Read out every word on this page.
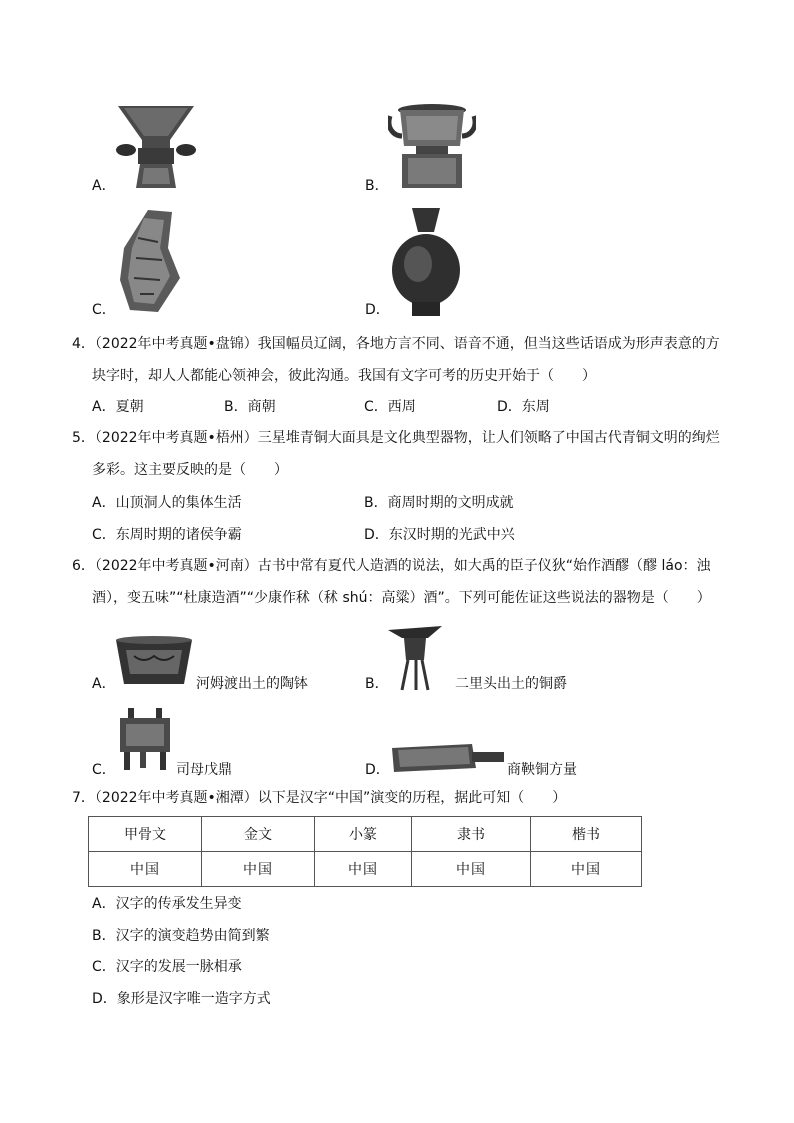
A．	B．
C．	D．
4．（2022年中考真题•盘锦）我国幅员辽阔，各地方言不同、语音不通，但当这些话语成为形声表意的方
块字时，却人人都能心领神会，彼此沟通。我国有文字可考的历史开始于（　　）
A．夏朝	B．商朝	C．西周	D．东周
5．（2022年中考真题•梧州）三星堆青铜大面具是文化典型器物，让人们领略了中国古代青铜文明的绚烂
多彩。这主要反映的是（　　）
A．山顶洞人的集体生活	B．商周时期的文明成就
C．东周时期的诸侯争霸	D．东汉时期的光武中兴
6．（2022年中考真题•河南）古书中常有夏代人造酒的说法，如大禹的臣子仪狄“始作酒醪（醪 láo：浊
酒），变五味”“杜康造酒”“少康作秫（秫 shú：高粱）酒”。下列可能佐证这些说法的器物是（　　）
A．	河姆渡出土的陶钵	B．	二里头出土的铜爵
C．	司母戊鼎	D．	商鞅铜方量
7．（2022年中考真题•湘潭）以下是汉字“中国”演变的历程，据此可知（　　）
甲骨文	金文	小篆	隶书	楷书
中国	中国	中国	中国	中国
A．汉字的传承发生异变
B．汉字的演变趋势由简到繁
C．汉字的发展一脉相承
D．象形是汉字唯一造字方式
